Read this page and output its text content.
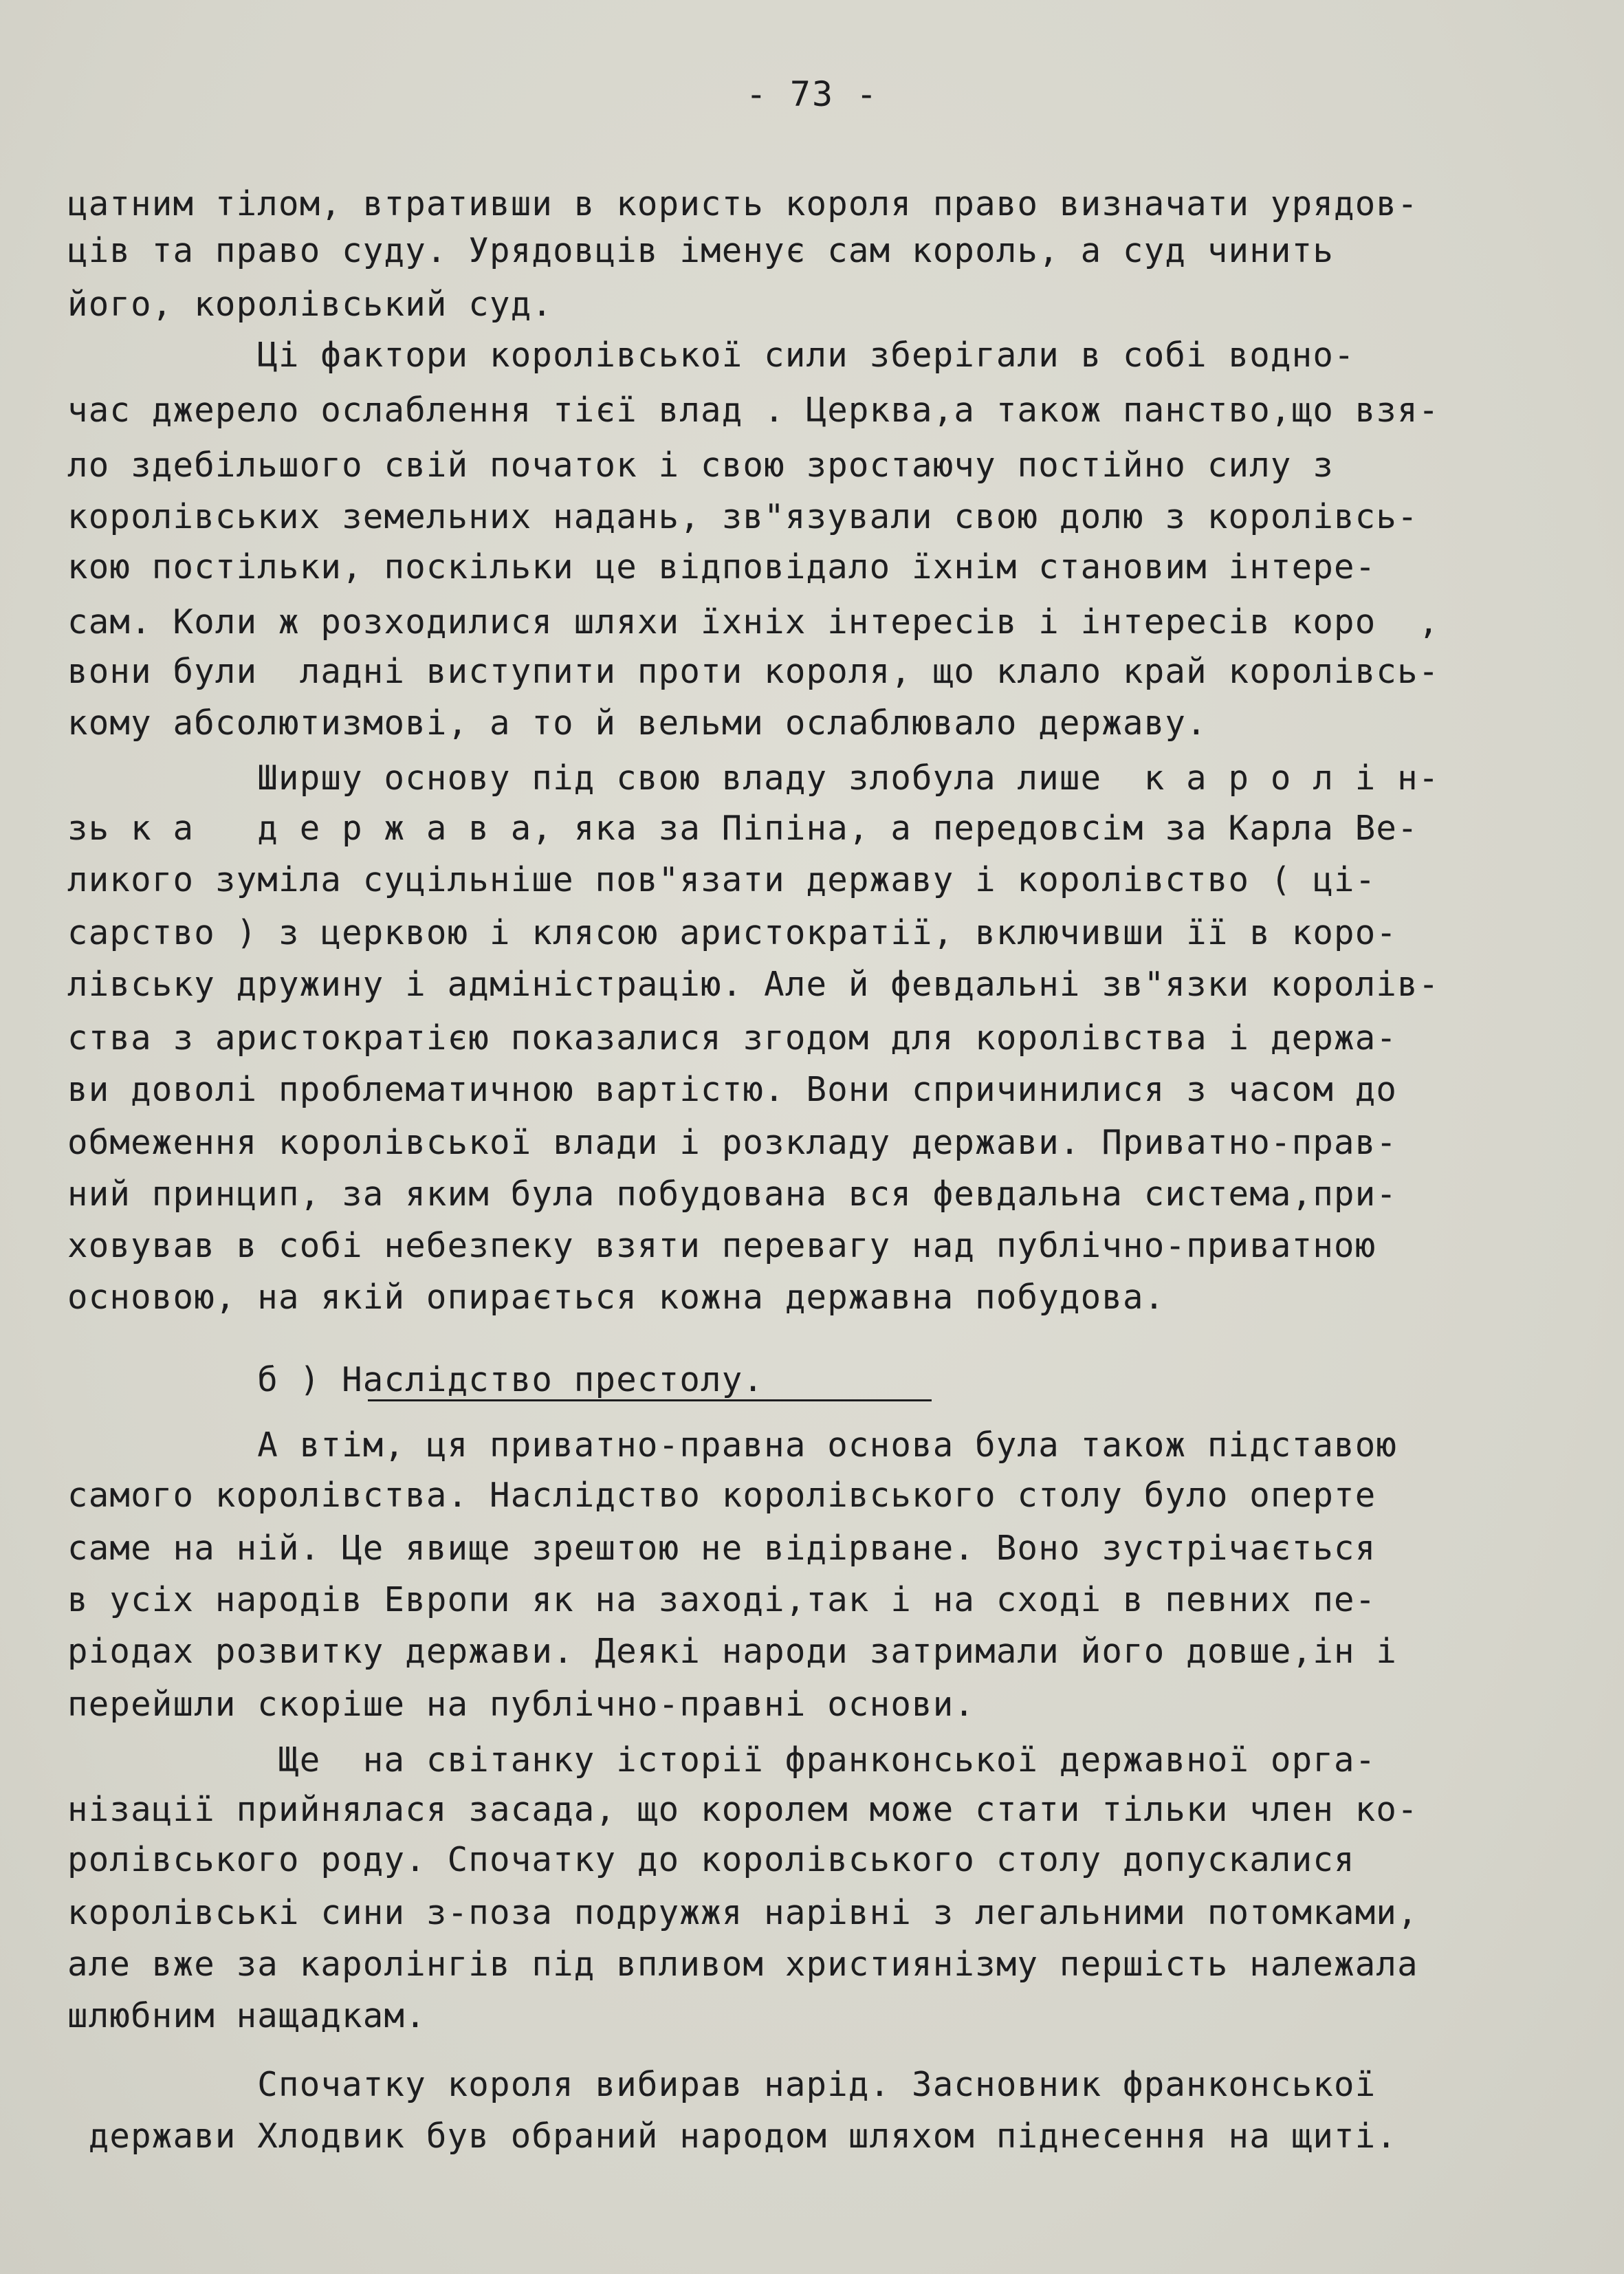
- 73 -
цатним тілом, втративши в користь короля право визначати урядов-
ців та право суду. Урядовців іменує сам король, а суд чинить
його, королівський суд.
Ці фактори королівської сили зберігали в собі водно-
час джерело ослаблення тієї влад . Церква,а також панство,що взя-
ло здебільшого свій початок і свою зростаючу постійно силу з
королівських земельних надань, зв"язували свою долю з королівсь-
кою постільки, поскільки це відповідало їхнім становим інтере-
сам. Коли ж розходилися шляхи їхніх інтересів і інтересів коро  ,
вони були  ладні виступити проти короля, що клало край королівсь-
кому абсолютизмові, а то й вельми ослаблювало державу.
Ширшу основу під свою владу злобула лише  к а р о л і н-
зь к а   д е р ж а в а, яка за Піпіна, а передовсім за Карла Ве-
ликого зуміла суцільніше пов"язати державу і королівство ( ці-
сарство ) з церквою і клясою аристократії, включивши її в коро-
лівську дружину і адміністрацію. Але й февдальні зв"язки королів-
ства з аристократією показалися згодом для королівства і держа-
ви доволі проблематичною вартістю. Вони спричинилися з часом до
обмеження королівської влади і розкладу держави. Приватно-прав-
ний принцип, за яким була побудована вся февдальна система,при-
ховував в собі небезпеку взяти перевагу над публічно-приватною
основою, на якій опирається кожна державна побудова.
б ) Наслідство престолу.
А втім, ця приватно-правна основа була також підставою
самого королівства. Наслідство королівського столу було оперте
саме на ній. Це явище зрештою не відірване. Воно зустрічається
в усіх народів Европи як на заході,так і на сході в певних пе-
ріодах розвитку держави. Деякі народи затримали його довше,ін і
перейшли скоріше на публічно-правні основи.
Ще  на світанку історії франконської державної орга-
нізації прийнялася засада, що королем може стати тільки член ко-
ролівського роду. Спочатку до королівського столу допускалися
королівські сини з-поза подружжя нарівні з легальними потомками,
але вже за каролінгів під впливом християнізму першість належала
шлюбним нащадкам.
Спочатку короля вибирав нарід. Засновник франконської
держави Хлодвик був обраний народом шляхом піднесення на щиті.
